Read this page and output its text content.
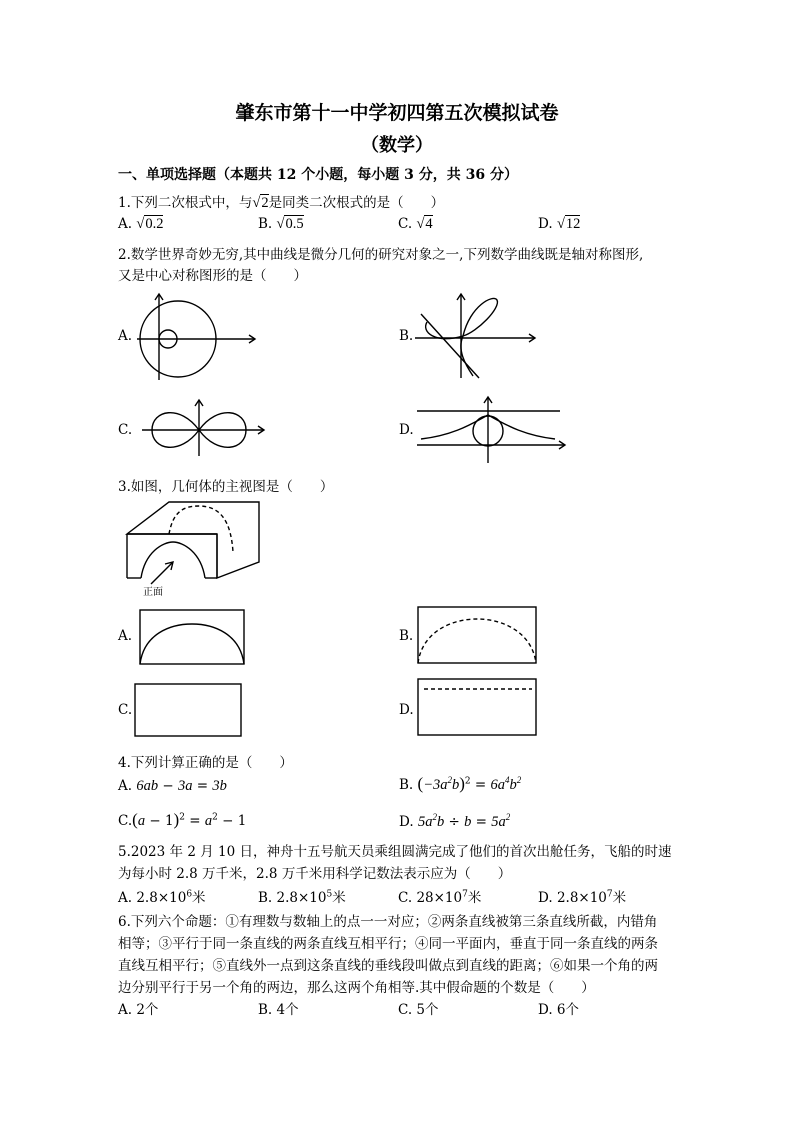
肇东市第十一中学初四第五次模拟试卷
（数学）
一、单项选择题（本题共 12 个小题，每小题 3 分，共 36 分）
1.下列二次根式中，与√2是同类二次根式的是（　　）
A. √0.2	B. √0.5	C. √4	D. √12
2.数学世界奇妙无穷,其中曲线是微分几何的研究对象之一,下列数学曲线既是轴对称图形,
又是中心对称图形的是（　　）
A.	B.
C.	D.
3.如图，几何体的主视图是（　　）
正面
A.	B.
C.	D.
4.下列计算正确的是（　　）
A. 6ab − 3a = 3b	B. $(-3a^2b)^2 = 6a^4b^2$
$C.(a - 1)^2 = a^2 - 1$	D. $5a^2b \div b = 5a^2$
5.2023 年 2 月 10 日，神舟十五号航天员乘组圆满完成了他们的首次出舱任务，飞船的时速
为每小时 2.8 万千米，2.8 万千米用科学记数法表示应为（　　）
A. $2.8\times 10^6$米	B. $2.8\times 10^5$米	C. $28\times 10^7$米	D. $2.8\times 10^7$米
6.下列六个命题：①有理数与数轴上的点一一对应；②两条直线被第三条直线所截，内错角
相等；③平行于同一条直线的两条直线互相平行；④同一平面内，垂直于同一条直线的两条
直线互相平行；⑤直线外一点到这条直线的垂线段叫做点到直线的距离；⑥如果一个角的两
边分别平行于另一个角的两边，那么这两个角相等.其中假命题的个数是（　　）
A. 2个	B. 4个	C. 5个	D. 6个
